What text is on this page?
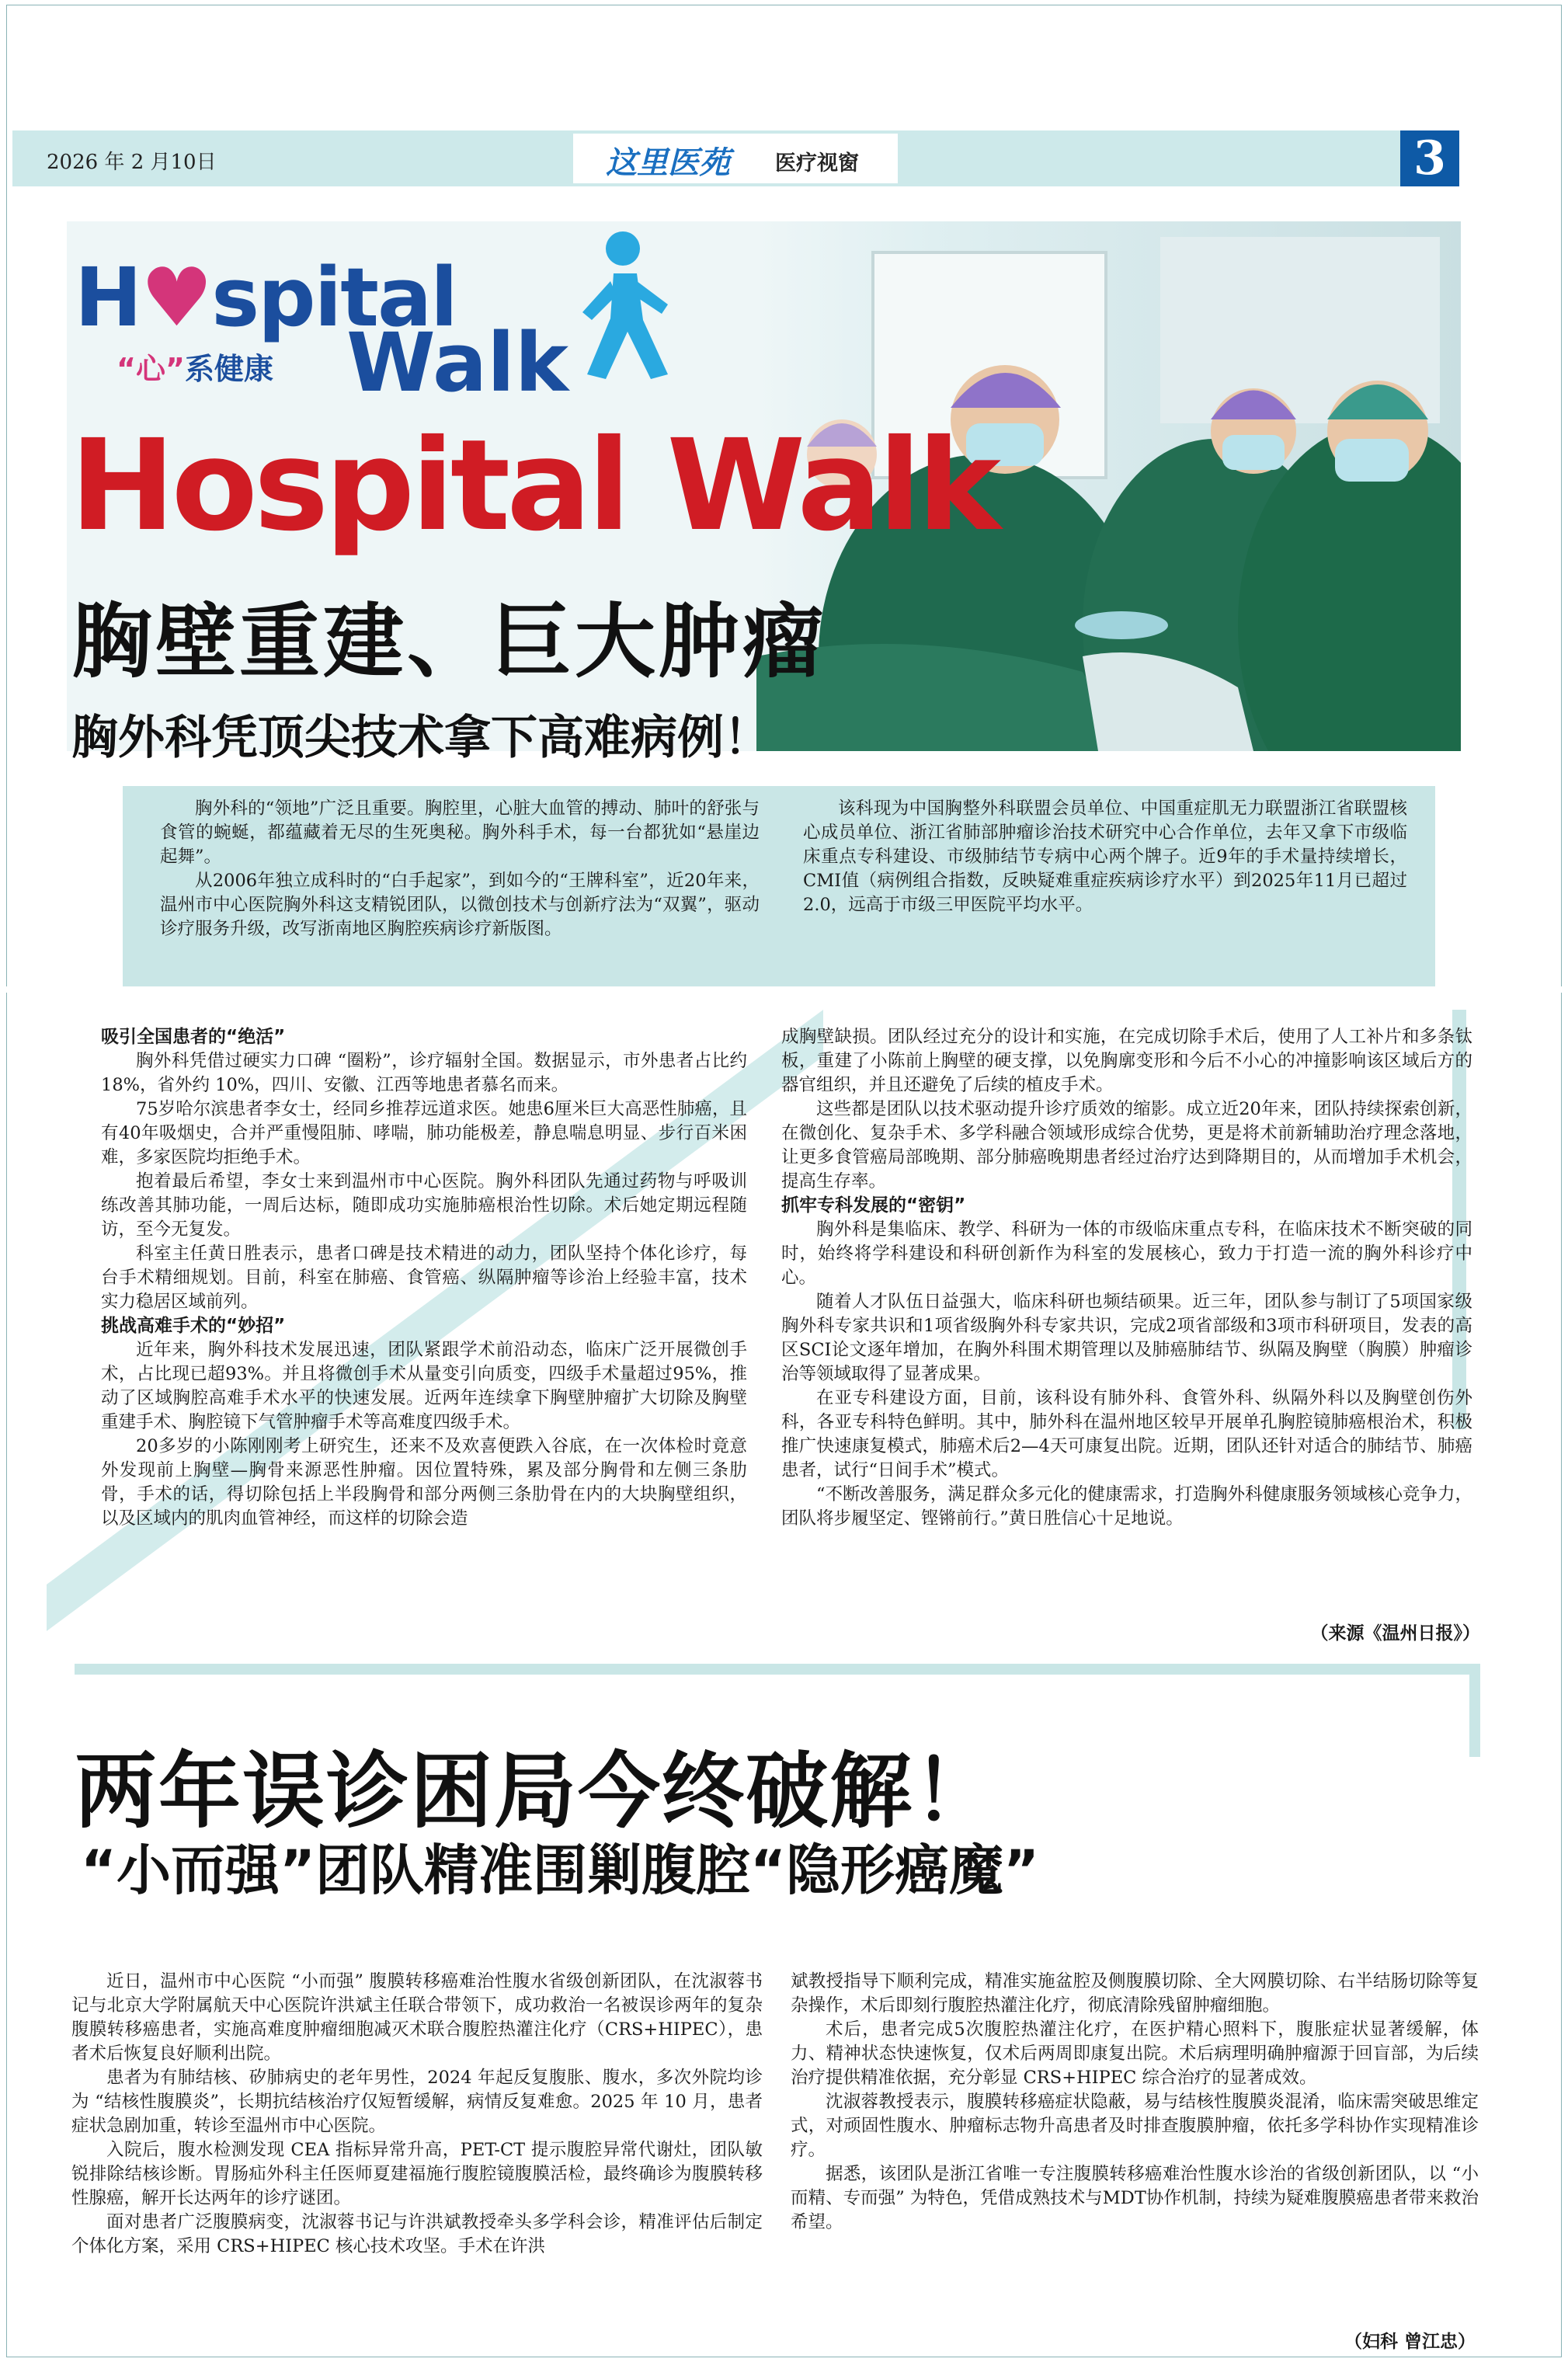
2026 年 2 月10日	这里医苑 医疗视窗	3
H♥spital
“心”系健康 Walk
Hospital Walk
胸壁重建、巨大肿瘤
胸外科凭顶尖技术拿下高难病例！

胸外科的“领地”广泛且重要。胸腔里，心脏大血管的搏动、肺叶的舒张与食管的蜿蜒，都蕴藏着无尽的生死奥秘。胸外科手术，每一台都犹如“悬崖边起舞”。

从2006年独立成科时的“白手起家”，到如今的“王牌科室”，近20年来，温州市中心医院胸外科这支精锐团队，以微创技术与创新疗法为“双翼”，驱动诊疗服务升级，改写浙南地区胸腔疾病诊疗新版图。

该科现为中国胸整外科联盟会员单位、中国重症肌无力联盟浙江省联盟核心成员单位、浙江省肺部肿瘤诊治技术研究中心合作单位，去年又拿下市级临床重点专科建设、市级肺结节专病中心两个牌子。近9年的手术量持续增长，CMI值（病例组合指数，反映疑难重症疾病诊疗水平）到2025年11月已超过2.0，远高于市级三甲医院平均水平。

吸引全国患者的“绝活”

胸外科凭借过硬实力口碑 “圈粉”，诊疗辐射全国。数据显示，市外患者占比约 18%，省外约 10%，四川、安徽、江西等地患者慕名而来。

75岁哈尔滨患者李女士，经同乡推荐远道求医。她患6厘米巨大高恶性肺癌，且有40年吸烟史，合并严重慢阻肺、哮喘，肺功能极差，静息喘息明显、步行百米困难，多家医院均拒绝手术。

抱着最后希望，李女士来到温州市中心医院。胸外科团队先通过药物与呼吸训练改善其肺功能，一周后达标，随即成功实施肺癌根治性切除。术后她定期远程随访，至今无复发。

科室主任黄日胜表示，患者口碑是技术精进的动力，团队坚持个体化诊疗，每台手术精细规划。目前，科室在肺癌、食管癌、纵隔肿瘤等诊治上经验丰富，技术实力稳居区域前列。

挑战高难手术的“妙招”

近年来，胸外科技术发展迅速，团队紧跟学术前沿动态，临床广泛开展微创手术，占比现已超93%。并且将微创手术从量变引向质变，四级手术量超过95%，推动了区域胸腔高难手术水平的快速发展。近两年连续拿下胸壁肿瘤扩大切除及胸壁重建手术、胸腔镜下气管肿瘤手术等高难度四级手术。

20多岁的小陈刚刚考上研究生，还来不及欢喜便跌入谷底，在一次体检时竟意外发现前上胸壁—胸骨来源恶性肿瘤。因位置特殊，累及部分胸骨和左侧三条肋骨，手术的话，得切除包括上半段胸骨和部分两侧三条肋骨在内的大块胸壁组织，以及区域内的肌肉血管神经，而这样的切除会造

成胸壁缺损。团队经过充分的设计和实施，在完成切除手术后，使用了人工补片和多条钛板，重建了小陈前上胸壁的硬支撑，以免胸廓变形和今后不小心的冲撞影响该区域后方的器官组织，并且还避免了后续的植皮手术。

这些都是团队以技术驱动提升诊疗质效的缩影。成立近20年来，团队持续探索创新，在微创化、复杂手术、多学科融合领域形成综合优势，更是将术前新辅助治疗理念落地，让更多食管癌局部晚期、部分肺癌晚期患者经过治疗达到降期目的，从而增加手术机会，提高生存率。

抓牢专科发展的“密钥”

胸外科是集临床、教学、科研为一体的市级临床重点专科，在临床技术不断突破的同时，始终将学科建设和科研创新作为科室的发展核心，致力于打造一流的胸外科诊疗中心。

随着人才队伍日益强大，临床科研也频结硕果。近三年，团队参与制订了5项国家级胸外科专家共识和1项省级胸外科专家共识，完成2项省部级和3项市科研项目，发表的高区SCI论文逐年增加，在胸外科围术期管理以及肺癌肺结节、纵隔及胸壁（胸膜）肿瘤诊治等领域取得了显著成果。

在亚专科建设方面，目前，该科设有肺外科、食管外科、纵隔外科以及胸壁创伤外科，各亚专科特色鲜明。其中，肺外科在温州地区较早开展单孔胸腔镜肺癌根治术，积极推广快速康复模式，肺癌术后2—4天可康复出院。近期，团队还针对适合的肺结节、肺癌患者，试行“日间手术”模式。

“不断改善服务，满足群众多元化的健康需求，打造胸外科健康服务领域核心竞争力，团队将步履坚定、铿锵前行。”黄日胜信心十足地说。

（来源《温州日报》）
两年误诊困局今终破解！
“小而强”团队精准围剿腹腔“隐形癌魔”

近日，温州市中心医院 “小而强” 腹膜转移癌难治性腹水省级创新团队，在沈淑蓉书记与北京大学附属航天中心医院许洪斌主任联合带领下，成功救治一名被误诊两年的复杂腹膜转移癌患者，实施高难度肿瘤细胞减灭术联合腹腔热灌注化疗（CRS+HIPEC），患者术后恢复良好顺利出院。

患者为有肺结核、矽肺病史的老年男性，2024 年起反复腹胀、腹水，多次外院均诊为 “结核性腹膜炎”，长期抗结核治疗仅短暂缓解，病情反复难愈。2025 年 10 月，患者症状急剧加重，转诊至温州市中心医院。

入院后，腹水检测发现 CEA 指标异常升高，PET-CT 提示腹腔异常代谢灶，团队敏锐排除结核诊断。胃肠疝外科主任医师夏建福施行腹腔镜腹膜活检，最终确诊为腹膜转移性腺癌，解开长达两年的诊疗谜团。

面对患者广泛腹膜病变，沈淑蓉书记与许洪斌教授牵头多学科会诊，精准评估后制定个体化方案，采用 CRS+HIPEC 核心技术攻坚。手术在许洪

斌教授指导下顺利完成，精准实施盆腔及侧腹膜切除、全大网膜切除、右半结肠切除等复杂操作，术后即刻行腹腔热灌注化疗，彻底清除残留肿瘤细胞。

术后，患者完成5次腹腔热灌注化疗，在医护精心照料下，腹胀症状显著缓解，体力、精神状态快速恢复，仅术后两周即康复出院。术后病理明确肿瘤源于回盲部，为后续治疗提供精准依据，充分彰显 CRS+HIPEC 综合治疗的显著成效。

沈淑蓉教授表示，腹膜转移癌症状隐蔽，易与结核性腹膜炎混淆，临床需突破思维定式，对顽固性腹水、肿瘤标志物升高患者及时排查腹膜肿瘤，依托多学科协作实现精准诊疗。

据悉，该团队是浙江省唯一专注腹膜转移癌难治性腹水诊治的省级创新团队，以 “小而精、专而强” 为特色，凭借成熟技术与MDT协作机制，持续为疑难腹膜癌患者带来救治希望。

（妇科 曾江忠）
